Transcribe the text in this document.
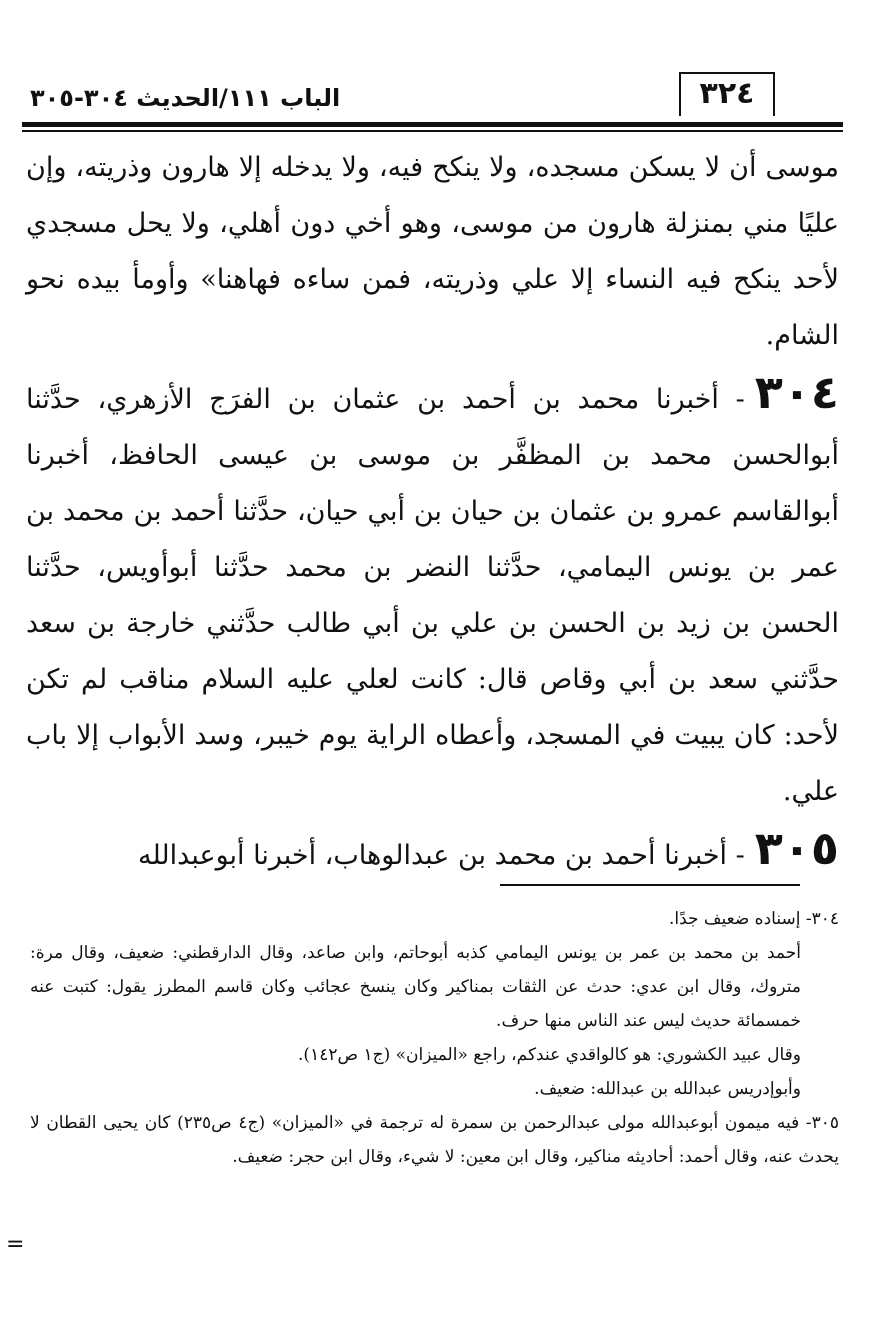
٣٢٤
الباب ١١١/الحديث ٣٠٤-٣٠٥

موسى أن لا يسكن مسجده، ولا ينكح فيه، ولا يدخله إلا هارون وذريته، وإن عليًا مني بمنزلة هارون من موسى، وهو أخي دون أهلي، ولا يحل مسجدي لأحد ينكح فيه النساء إلا علي وذريته، فمن ساءه فهاهنا» وأومأ بيده نحو الشام.

٣٠٤- أخبرنا محمد بن أحمد بن عثمان بن الفرَج الأزهري، حدَّثنا أبوالحسن محمد بن المظفَّر بن موسى بن عيسى الحافظ، أخبرنا أبوالقاسم عمرو بن عثمان بن حيان بن أبي حيان، حدَّثنا أحمد بن محمد بن عمر بن يونس اليمامي، حدَّثنا النضر بن محمد حدَّثنا أبوأويس، حدَّثنا الحسن بن زيد بن الحسن بن علي بن أبي طالب حدَّثني خارجة بن سعد حدَّثني سعد بن أبي وقاص قال: كانت لعلي عليه السلام مناقب لم تكن لأحد: كان يبيت في المسجد، وأعطاه الراية يوم خيبر، وسد الأبواب إلا باب علي.

٣٠٥- أخبرنا أحمد بن محمد بن عبدالوهاب، أخبرنا أبوعبدالله

٣٠٤- إسناده ضعيف جدًا.

أحمد بن محمد بن عمر بن يونس اليمامي كذبه أبوحاتم، وابن صاعد، وقال الدارقطني: ضعيف، وقال مرة: متروك، وقال ابن عدي: حدث عن الثقات بمناكير وكان ينسخ عجائب وكان قاسم المطرز يقول: كتبت عنه خمسمائة حديث ليس عند الناس منها حرف.

وقال عبيد الكشوري: هو كالواقدي عندكم، راجع «الميزان» (ج١ ص١٤٢).

وأبوإدريس عبدالله بن عبدالله: ضعيف.

٣٠٥- فيه ميمون أبوعبدالله مولى عبدالرحمن بن سمرة له ترجمة في «الميزان» (ج٤ ص٢٣٥) كان يحيى القطان لا يحدث عنه، وقال أحمد: أحاديثه مناكير، وقال ابن معين: لا شيء، وقال ابن حجر: ضعيف.

=
